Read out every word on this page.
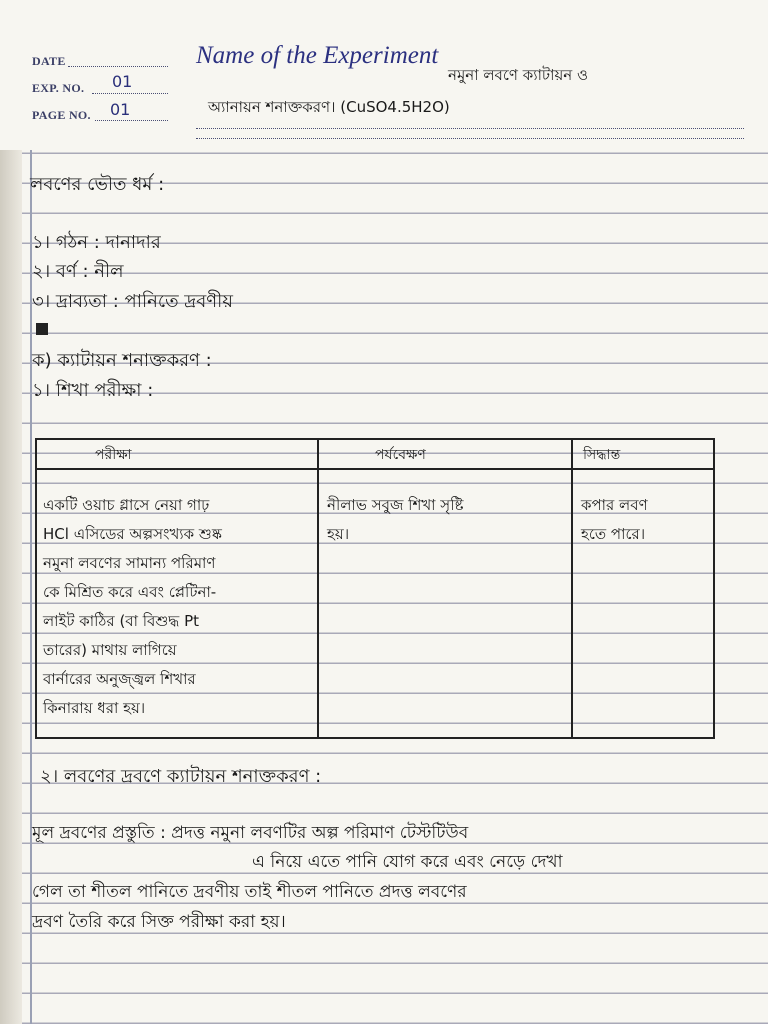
DATE
EXP. NO. 01
PAGE NO. 01
Name of the Experiment
নমুনা লবণে ক্যাটায়ন ও
অ্যানায়ন শনাক্তকরণ। (CuSO4.5H2O)
লবণের ভৌত ধর্ম :
১। গঠন : দানাদার
২। বর্ণ : নীল
৩। দ্রাব্যতা : পানিতে দ্রবণীয়
ক) ক্যাটায়ন শনাক্তকরণ :
১। শিখা পরীক্ষা :
পরীক্ষা	পর্যবেক্ষণ	সিদ্ধান্ত
একটি ওয়াচ গ্লাসে নেয়া গাঢ়
HCl এসিডের অল্পসংখ্যক শুষ্ক
নমুনা লবণের সামান্য পরিমাণ
কে মিশ্রিত করে এবং প্লেটিনা-
লাইট কাঠির (বা বিশুদ্ধ Pt
তারের) মাথায় লাগিয়ে
বার্নারের অনুজ্জ্বল শিখার
কিনারায় ধরা হয়।
নীলাভ সবুজ শিখা সৃষ্টি
হয়।
কপার লবণ
হতে পারে।
২। লবণের দ্রবণে ক্যাটায়ন শনাক্তকরণ :
মূল দ্রবণের প্রস্তুতি : প্রদত্ত নমুনা লবণটির অল্প পরিমাণ টেস্টটিউব
এ নিয়ে এতে পানি যোগ করে এবং নেড়ে দেখা
গেল তা শীতল পানিতে দ্রবণীয় তাই শীতল পানিতে প্রদত্ত লবণের
দ্রবণ তৈরি করে সিক্ত পরীক্ষা করা হয়।
